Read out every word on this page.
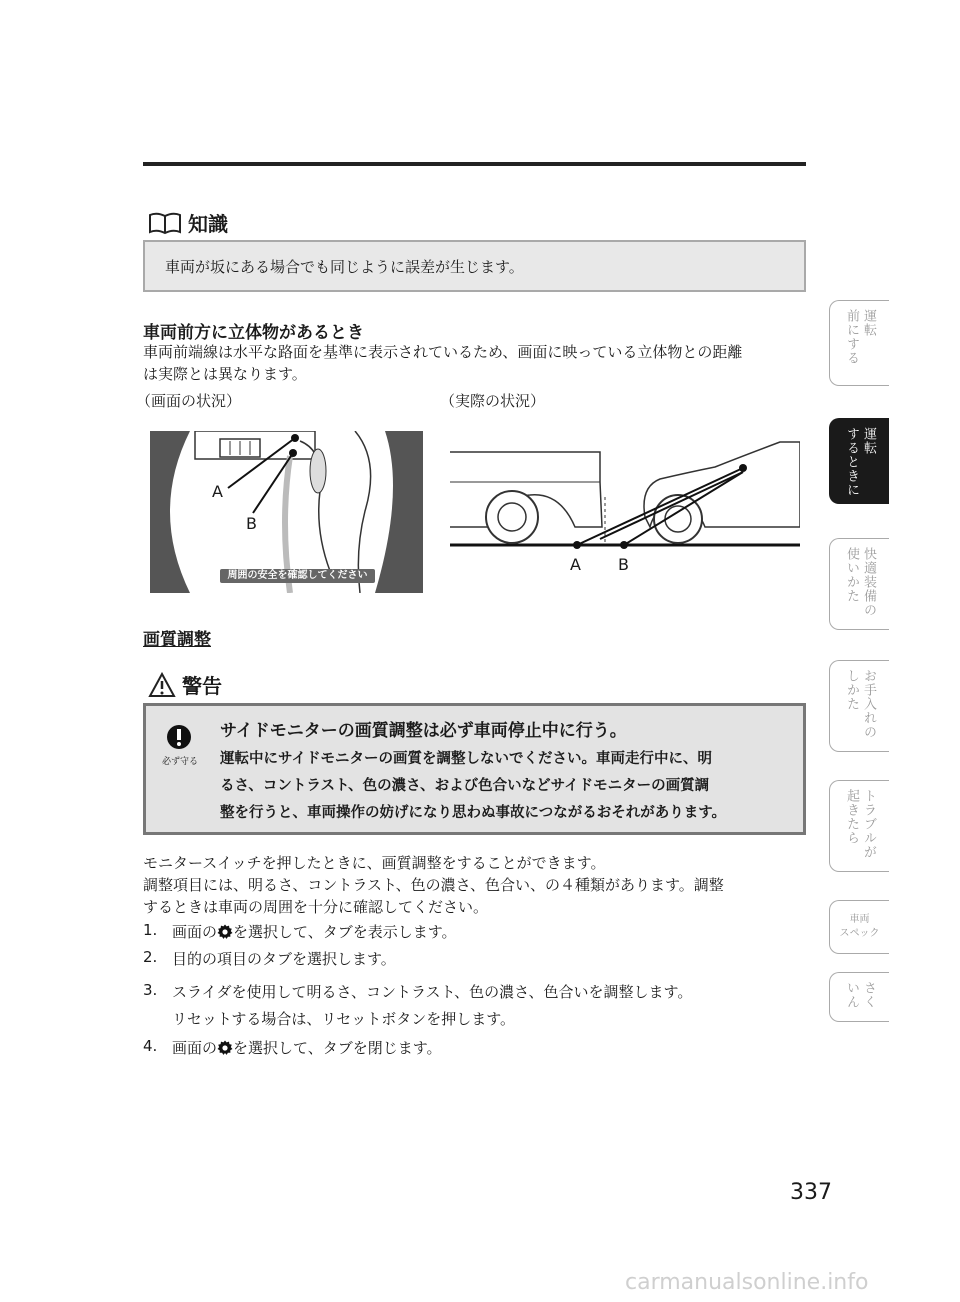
知識
車両が坂にある場合でも同じように誤差が生じます。
車両前方に立体物があるとき
車両前端線は水平な路面を基準に表示されているため、画面に映っている立体物との距離
は実際とは異なります。
（画面の状況）	（実際の状況）
A
B
周囲の安全を確認してください
A B
画質調整
警告
必ず守る
サイドモニターの画質調整は必ず車両停止中に行う。
運転中にサイドモニターの画質を調整しないでください。車両走行中に、明
るさ、コントラスト、色の濃さ、および色合いなどサイドモニターの画質調
整を行うと、車両操作の妨げになり思わぬ事故につながるおそれがあります。
モニタースイッチを押したときに、画質調整をすることができます。
調整項目には、明るさ、コントラスト、色の濃さ、色合い、の４種類があります。調整
するときは車両の周囲を十分に確認してください。
1. 画面の を選択して、タブを表示します。
2. 目的の項目のタブを選択します。
3. スライダを使用して明るさ、コントラスト、色の濃さ、色合いを調整します。
リセットする場合は、リセットボタンを押します。
4. 画面の を選択して、タブを閉じます。
前にする 運転
するときに 運転
使いかた 快適装備の
しかた お手入れの
起きたら トラブルが
車両
スペック
いん さく
337
carmanualsonline.info
